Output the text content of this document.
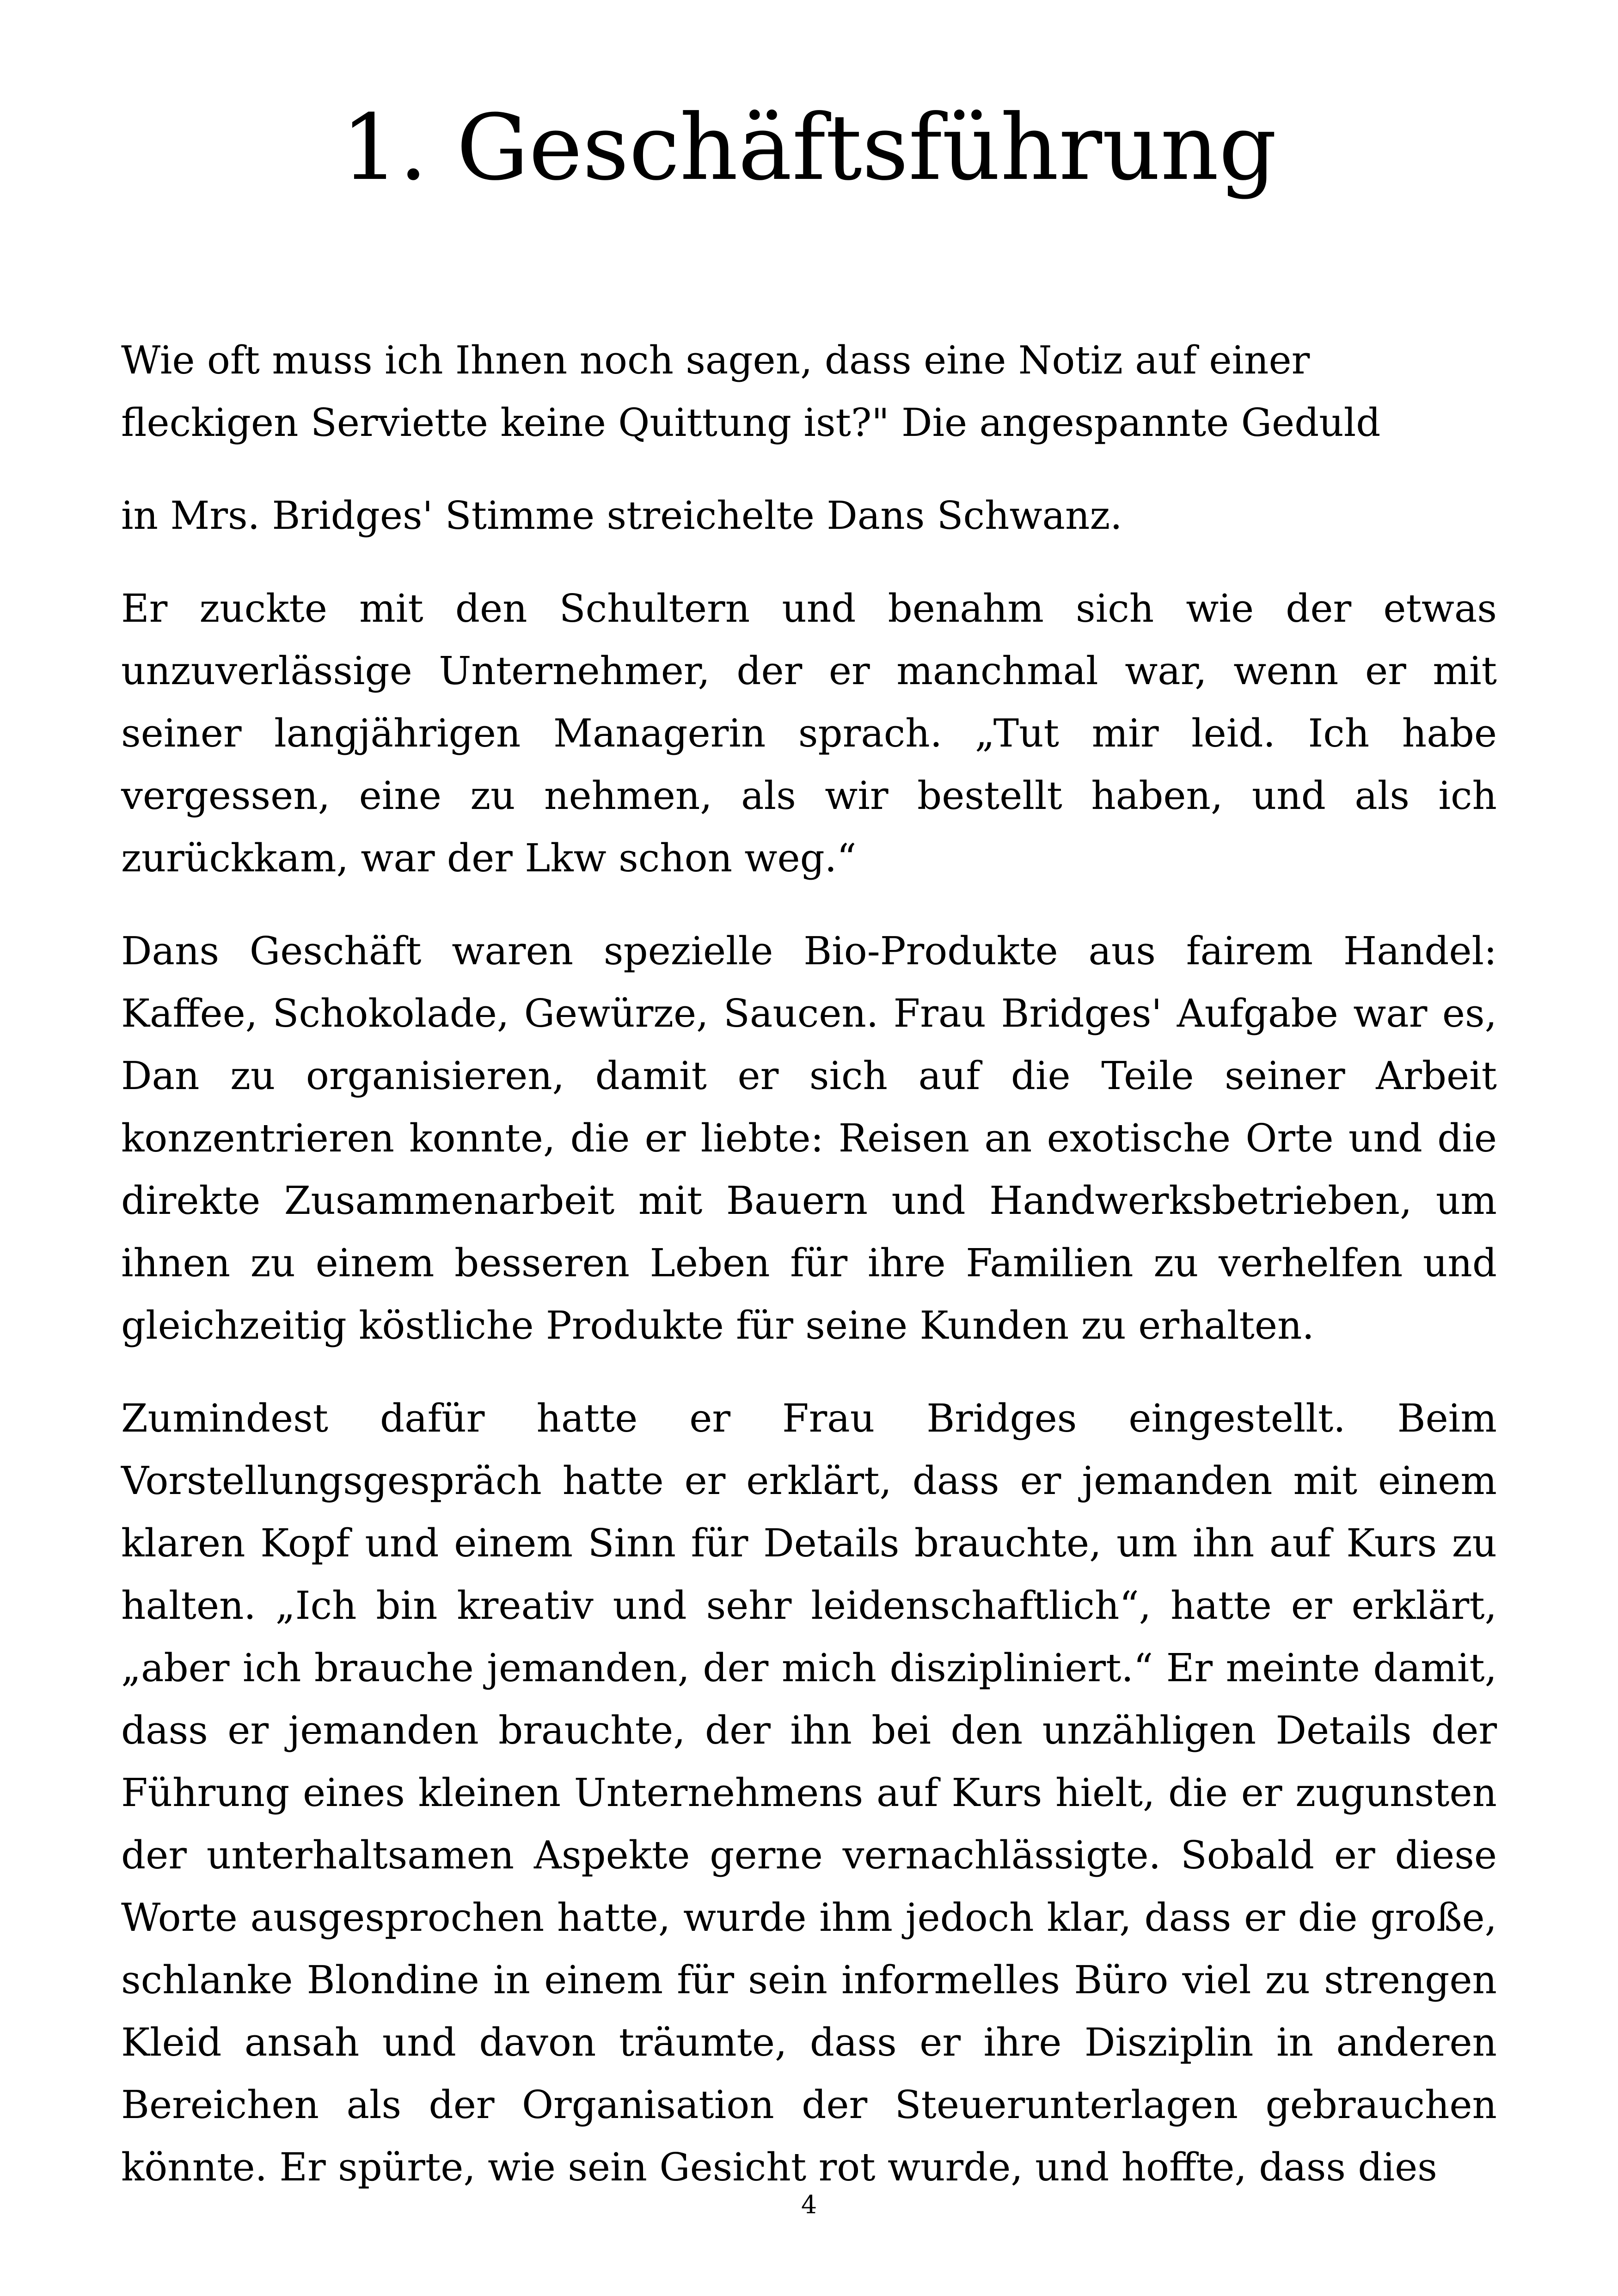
1. Geschäftsführung

Wie oft muss ich Ihnen noch sagen, dass eine Notiz auf einer fleckigen Serviette keine Quittung ist?" Die angespannte Geduld

in Mrs. Bridges' Stimme streichelte Dans Schwanz.

Er zuckte mit den Schultern und benahm sich wie der etwas unzuverlässige Unternehmer, der er manchmal war, wenn er mit seiner langjährigen Managerin sprach. „Tut mir leid. Ich habe vergessen, eine zu nehmen, als wir bestellt haben, und als ich zurückkam, war der Lkw schon weg.“

Dans Geschäft waren spezielle Bio-Produkte aus fairem Handel: Kaffee, Schokolade, Gewürze, Saucen. Frau Bridges' Aufgabe war es, Dan zu organisieren, damit er sich auf die Teile seiner Arbeit konzentrieren konnte, die er liebte: Reisen an exotische Orte und die direkte Zusammenarbeit mit Bauern und Handwerksbetrieben, um ihnen zu einem besseren Leben für ihre Familien zu verhelfen und gleichzeitig köstliche Produkte für seine Kunden zu erhalten.

Zumindest dafür hatte er Frau Bridges eingestellt. Beim Vorstellungsgespräch hatte er erklärt, dass er jemanden mit einem klaren Kopf und einem Sinn für Details brauchte, um ihn auf Kurs zu halten. „Ich bin kreativ und sehr leidenschaftlich“, hatte er erklärt, „aber ich brauche jemanden, der mich diszipliniert.“ Er meinte damit, dass er jemanden brauchte, der ihn bei den unzähligen Details der Führung eines kleinen Unternehmens auf Kurs hielt, die er zugunsten der unterhaltsamen Aspekte gerne vernachlässigte. Sobald er diese Worte ausgesprochen hatte, wurde ihm jedoch klar, dass er die große, schlanke Blondine in einem für sein informelles Büro viel zu strengen Kleid ansah und davon träumte, dass er ihre Disziplin in anderen Bereichen als der Organisation der Steuerunterlagen gebrauchen könnte. Er spürte, wie sein Gesicht rot wurde, und hoffte, dass dies

4
